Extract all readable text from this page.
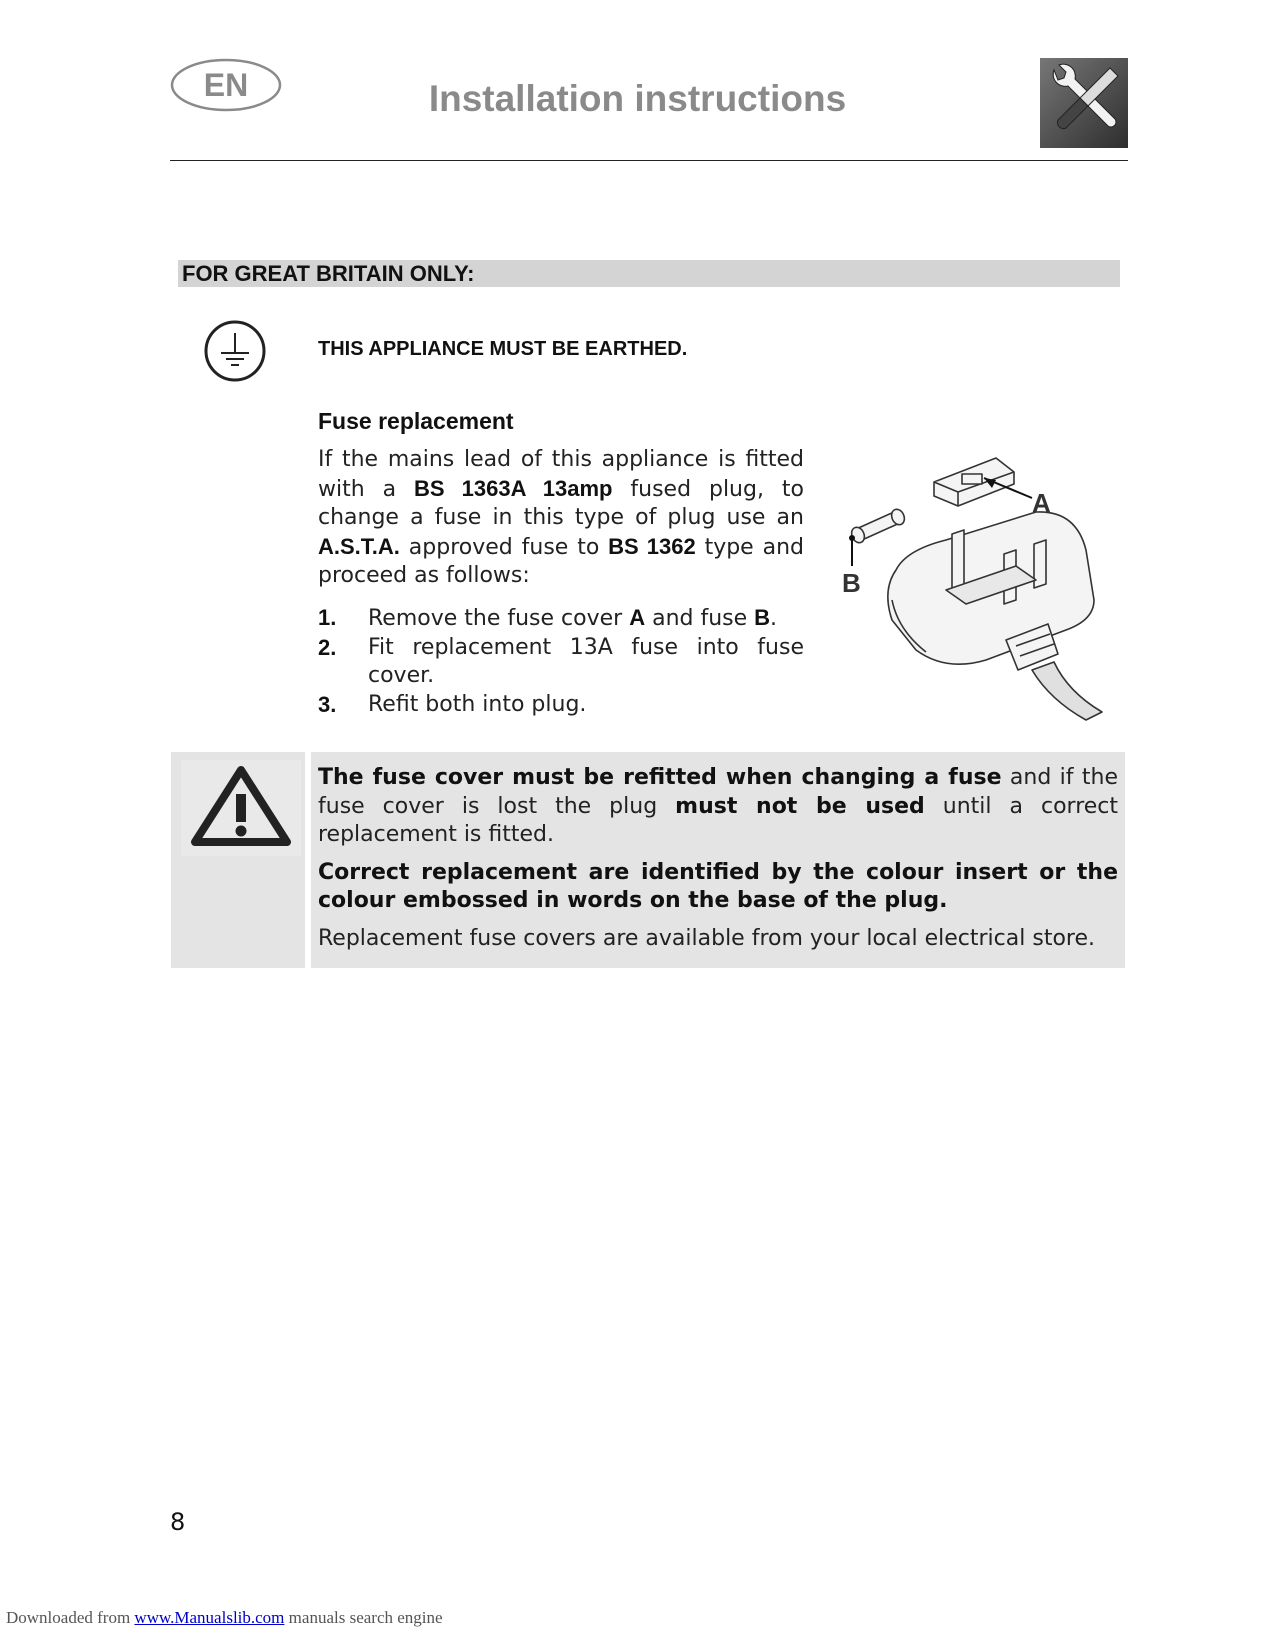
EN	Installation instructions
FOR GREAT BRITAIN ONLY:
THIS APPLIANCE MUST BE EARTHED.
Fuse replacement
If the mains lead of this appliance is fitted with a BS 1363A 13amp fused plug, to change a fuse in this type of plug use an A.S.T.A. approved fuse to BS 1362 type and proceed as follows:
1.	Remove the fuse cover A and fuse B.
2.	Fit replacement 13A fuse into fuse cover.
3.	Refit both into plug.
A
B

The fuse cover must be refitted when changing a fuse and if the fuse cover is lost the plug must not be used until a correct replacement is fitted.

Correct replacement are identified by the colour insert or the colour embossed in words on the base of the plug.

Replacement fuse covers are available from your local electrical store.

8
Downloaded from www.Manualslib.com manuals search engine
